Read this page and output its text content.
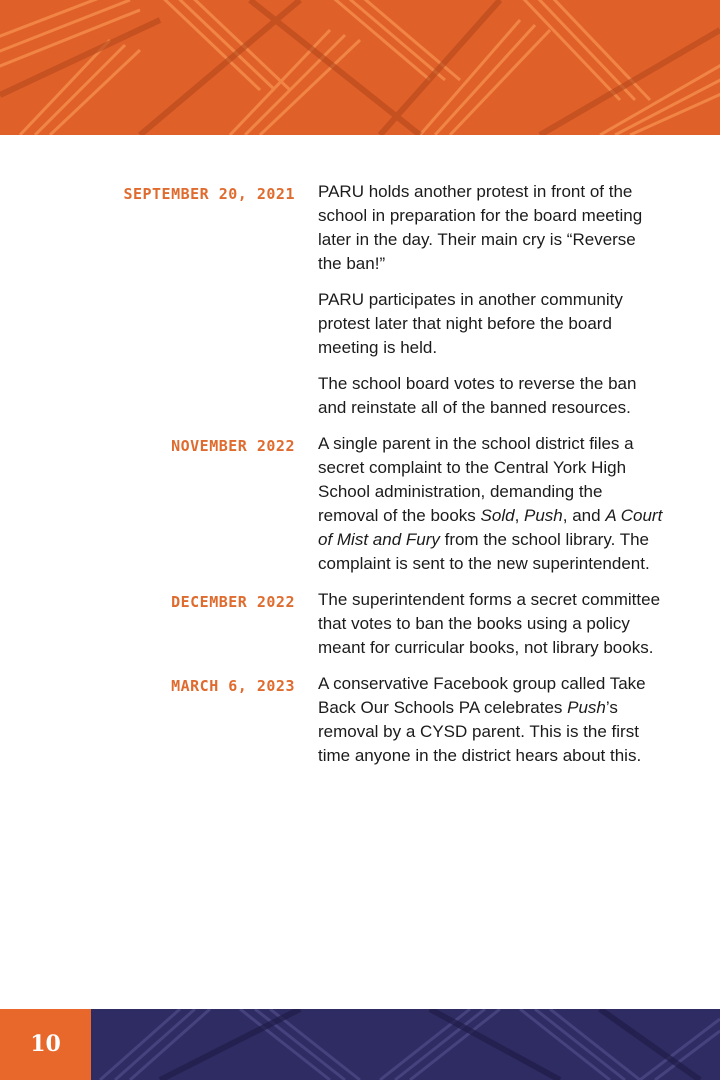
SEPTEMBER 20, 2021 PARU holds another protest in front of the school in preparation for the board meeting later in the day. Their main cry is “Reverse the ban!”

PARU participates in another community protest later that night before the board meeting is held.

The school board votes to reverse the ban and reinstate all of the banned resources.

NOVEMBER 2022 A single parent in the school district files a secret complaint to the Central York High School administration, demanding the removal of the books Sold, Push, and A Court of Mist and Fury from the school library. The complaint is sent to the new superintendent.

DECEMBER 2022 The superintendent forms a secret committee that votes to ban the books using a policy meant for curricular books, not library books.

MARCH 6, 2023 A conservative Facebook group called Take Back Our Schools PA celebrates Push’s removal by a CYSD parent. This is the first time anyone in the district hears about this.

10
